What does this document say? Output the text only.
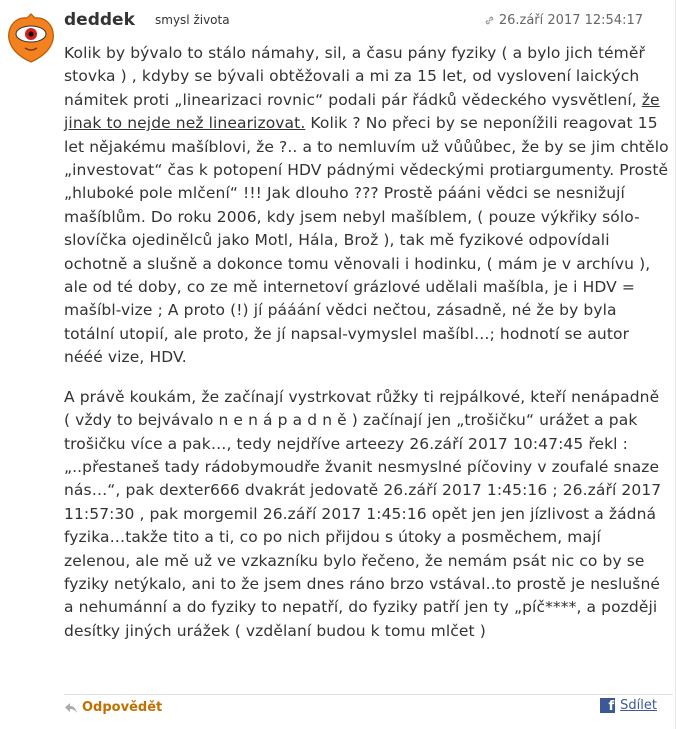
deddek smysl života	26.září 2017 12:54:17

Kolik by bývalo to stálo námahy, sil, a času pány fyziky ( a bylo jich téměř stovka ) , kdyby se bývali obtěžovali a mi za 15 let, od vyslovení laických námitek proti „linearizaci rovnic“ podali pár řádků vědeckého vysvětlení, že jinak to nejde než linearizovat. Kolik ? No přeci by se neponížili reagovat 15 let nějakému mašíblovi, že ?.. a to nemluvím už vůůůbec, že by se jim chtělo „investovat“ čas k potopení HDV pádnými vědeckými protiargumenty. Prostě „hluboké pole mlčení“ !!! Jak dlouho ??? Prostě pááni vědci se nesnižují mašíblům. Do roku 2006, kdy jsem nebyl mašíblem, ( pouze výkřiky sólo-slovíčka ojedinělců jako Motl, Hála, Brož ), tak mě fyzikové odpovídali ochotně a slušně a dokonce tomu věnovali i hodinku, ( mám je v archívu ), ale od té doby, co ze mě internetoví grázlové udělali mašíbla, je i HDV = mašíbl-vize ; A proto (!) jí pááání vědci nečtou, zásadně, né že by byla totální utopií, ale proto, že jí napsal-vymyslel mašíbl…; hodnotí se autor nééé vize, HDV.

A právě koukám, že začínají vystrkovat růžky ti rejpálkové, kteří nenápadně ( vždy to bejvávalo n e n á p a d n ě ) začínají jen „trošičku“ urážet a pak trošičku více a pak…, tedy nejdříve arteezy 26.září 2017 10:47:45 řekl : „..přestaneš tady rádobymoudře žvanit nesmyslné píčoviny v zoufalé snaze nás…“, pak dexter666 dvakrát jedovatě 26.září 2017 1:45:16 ; 26.září 2017 11:57:30 , pak morgemil 26.září 2017 1:45:16 opět jen jen jízlivost a žádná fyzika…takže tito a ti, co po nich přijdou s útoky a posměchem, mají zelenou, ale mě už ve vzkazníku bylo řečeno, že nemám psát nic co by se fyziky netýkalo, ani to že jsem dnes ráno brzo vstával..to prostě je neslušné a nehumánní a do fyziky to nepatří, do fyziky patří jen ty „píč****, a později desítky jiných urážek ( vzdělaní budou k tomu mlčet )

Odpovědět	f Sdílet
